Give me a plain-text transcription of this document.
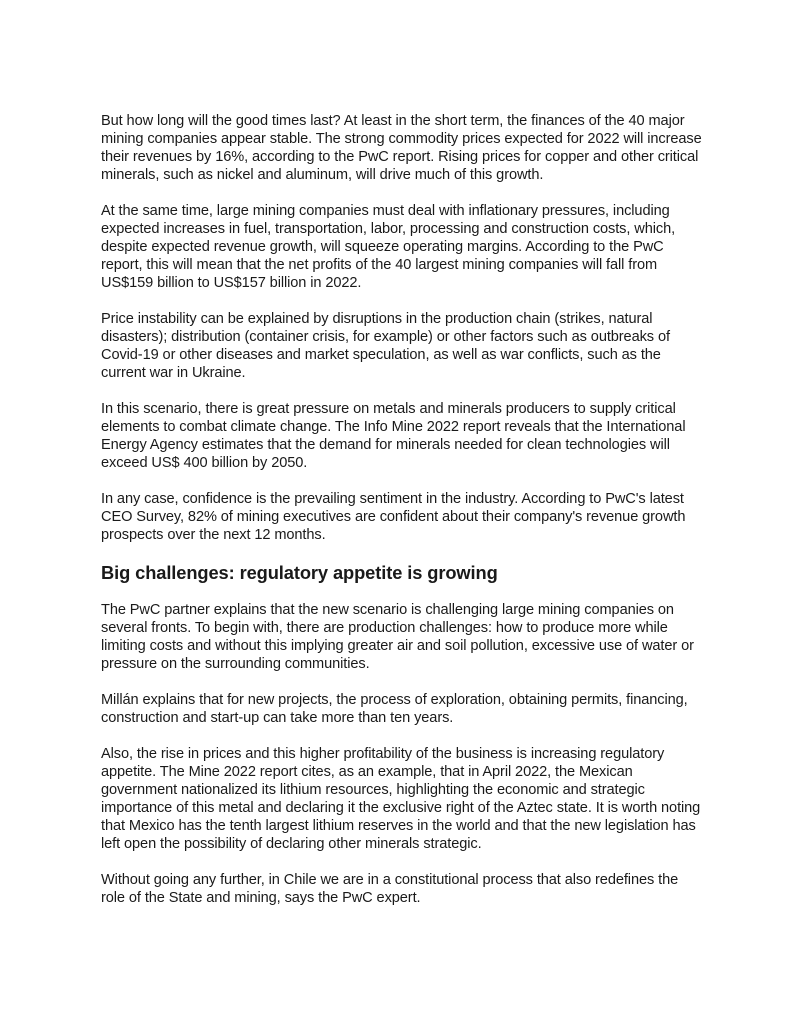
But how long will the good times last? At least in the short term, the finances of the 40 major mining companies appear stable. The strong commodity prices expected for 2022 will increase their revenues by 16%, according to the PwC report. Rising prices for copper and other critical minerals, such as nickel and aluminum, will drive much of this growth.

At the same time, large mining companies must deal with inflationary pressures, including expected increases in fuel, transportation, labor, processing and construction costs, which, despite expected revenue growth, will squeeze operating margins. According to the PwC report, this will mean that the net profits of the 40 largest mining companies will fall from US$159 billion to US$157 billion in 2022.

Price instability can be explained by disruptions in the production chain (strikes, natural disasters); distribution (container crisis, for example) or other factors such as outbreaks of Covid-19 or other diseases and market speculation, as well as war conflicts, such as the current war in Ukraine.

In this scenario, there is great pressure on metals and minerals producers to supply critical elements to combat climate change. The Info Mine 2022 report reveals that the International Energy Agency estimates that the demand for minerals needed for clean technologies will exceed US$ 400 billion by 2050.

In any case, confidence is the prevailing sentiment in the industry. According to PwC's latest CEO Survey, 82% of mining executives are confident about their company's revenue growth prospects over the next 12 months.

Big challenges: regulatory appetite is growing

The PwC partner explains that the new scenario is challenging large mining companies on several fronts. To begin with, there are production challenges: how to produce more while limiting costs and without this implying greater air and soil pollution, excessive use of water or pressure on the surrounding communities.

Millán explains that for new projects, the process of exploration, obtaining permits, financing, construction and start-up can take more than ten years.

Also, the rise in prices and this higher profitability of the business is increasing regulatory appetite. The Mine 2022 report cites, as an example, that in April 2022, the Mexican government nationalized its lithium resources, highlighting the economic and strategic importance of this metal and declaring it the exclusive right of the Aztec state. It is worth noting that Mexico has the tenth largest lithium reserves in the world and that the new legislation has left open the possibility of declaring other minerals strategic.

Without going any further, in Chile we are in a constitutional process that also redefines the role of the State and mining, says the PwC expert.
